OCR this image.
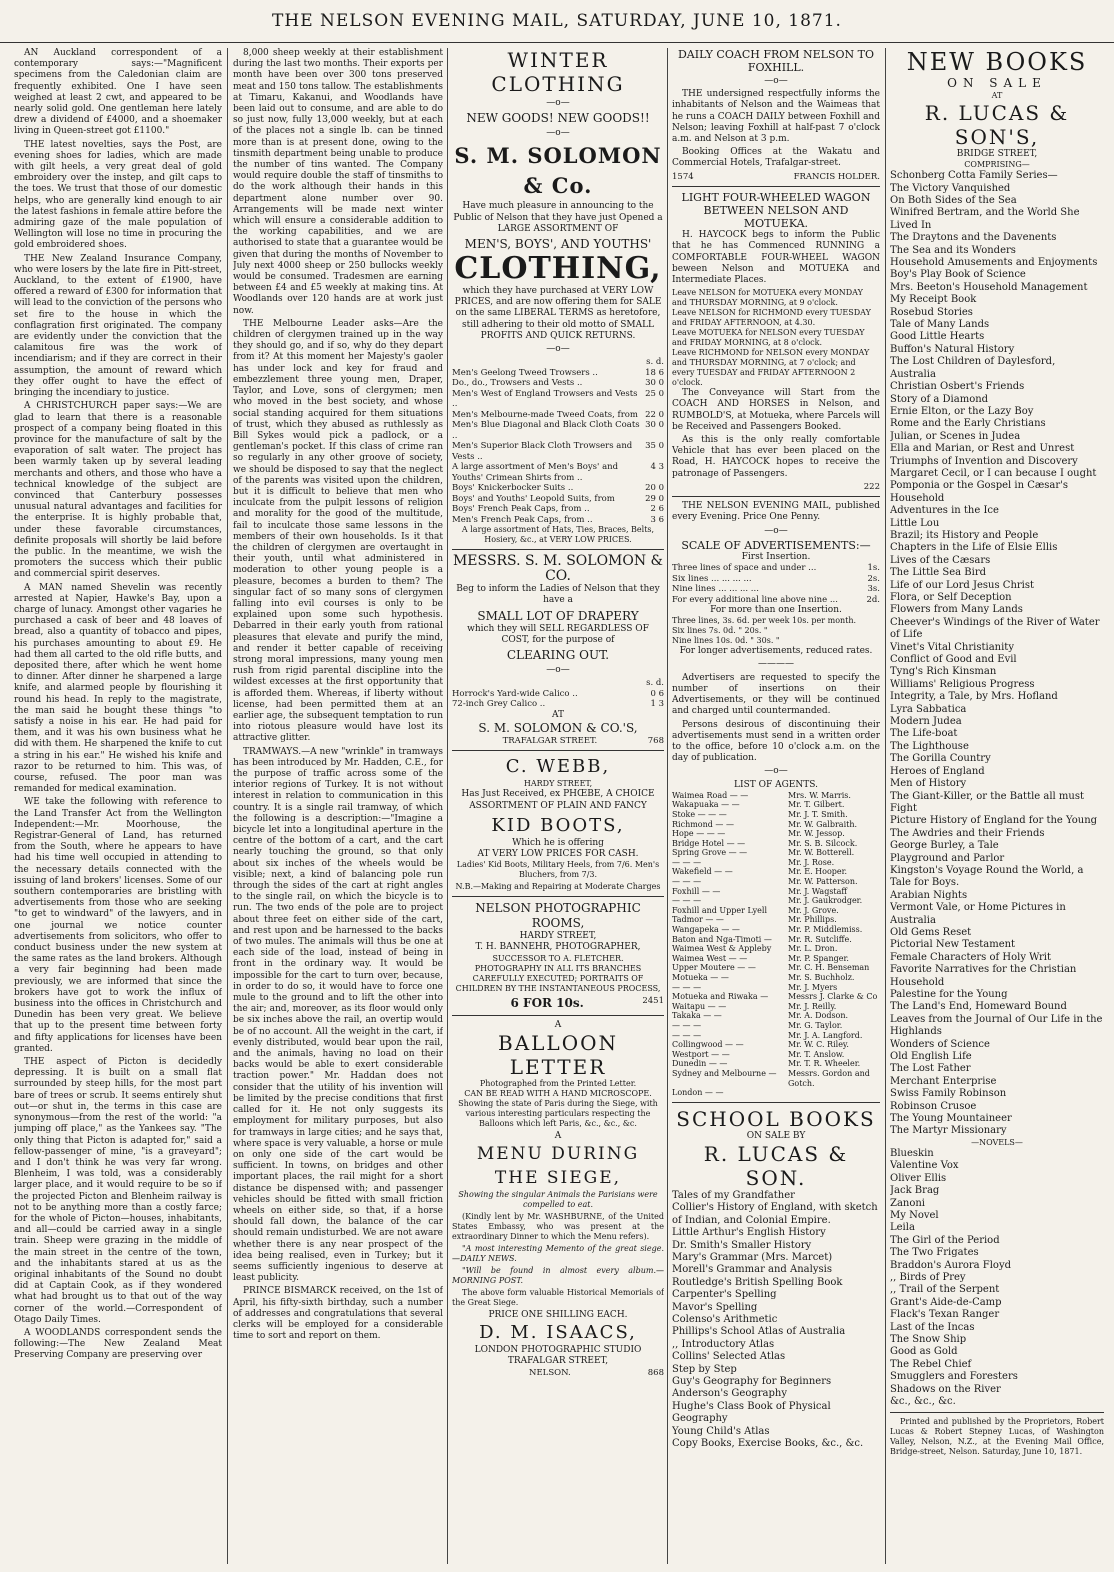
THE NELSON EVENING MAIL, SATURDAY, JUNE 10, 1871.

AN Auckland correspondent of a contemporary says:—"Magnificent specimens from the Caledonian claim are frequently exhibited. One I have seen weighed at least 2 cwt, and appeared to be nearly solid gold. One gentleman here lately drew a dividend of £4000, and a shoemaker living in Queen-street got £1100."

THE latest novelties, says the Post, are evening shoes for ladies, which are made with gilt heels, a very great deal of gold embroidery over the instep, and gilt caps to the toes. We trust that those of our domestic helps, who are generally kind enough to air the latest fashions in female attire before the admiring gaze of the male population of Wellington will lose no time in procuring the gold embroidered shoes.

THE New Zealand Insurance Company, who were losers by the late fire in Pitt-street, Auckland, to the extent of £1900, have offered a reward of £300 for information that will lead to the conviction of the persons who set fire to the house in which the conflagration first originated. The company are evidently under the conviction that the calamitous fire was the work of incendiarism; and if they are correct in their assumption, the amount of reward which they offer ought to have the effect of bringing the incendiary to justice.

A CHRISTCHURCH paper says:—We are glad to learn that there is a reasonable prospect of a company being floated in this province for the manufacture of salt by the evaporation of salt water. The project has been warmly taken up by several leading merchants and others, and those who have a technical knowledge of the subject are convinced that Canterbury possesses unusual natural advantages and facilities for the enterprise. It is highly probable that, under these favorable circumstances, definite proposals will shortly be laid before the public. In the meantime, we wish the promoters the success which their public and commercial spirit deserves.

A MAN named Shevelin was recently arrested at Napier, Hawke's Bay, upon a charge of lunacy. Amongst other vagaries he purchased a cask of beer and 48 loaves of bread, also a quantity of tobacco and pipes, his purchases amounting to about £9. He had them all carted to the old rifle butts, and deposited there, after which he went home to dinner. After dinner he sharpened a large knife, and alarmed people by flourishing it round his head. In reply to the magistrate, the man said he bought these things "to satisfy a noise in his ear. He had paid for them, and it was his own business what he did with them. He sharpened the knife to cut a string in his ear." He wished his knife and razor to be returned to him. This was, of course, refused. The poor man was remanded for medical examination.

WE take the following with reference to the Land Transfer Act from the Wellington Independent:—Mr. Moorhouse, the Registrar-General of Land, has returned from the South, where he appears to have had his time well occupied in attending to the necessary details connected with the issuing of land brokers' licenses. Some of our southern contemporaries are bristling with advertisements from those who are seeking "to get to windward" of the lawyers, and in one journal we notice counter advertisements from solicitors, who offer to conduct business under the new system at the same rates as the land brokers. Although a very fair beginning had been made previously, we are informed that since the brokers have got to work the influx of business into the offices in Christchurch and Dunedin has been very great. We believe that up to the present time between forty and fifty applications for licenses have been granted.

THE aspect of Picton is decidedly depressing. It is built on a small flat surrounded by steep hills, for the most part bare of trees or scrub. It seems entirely shut out—or shut in, the terms in this case are synonymous—from the rest of the world: "a jumping off place," as the Yankees say. "The only thing that Picton is adapted for," said a fellow-passenger of mine, "is a graveyard"; and I don't think he was very far wrong. Blenheim, I was told, was a considerably larger place, and it would require to be so if the projected Picton and Blenheim railway is not to be anything more than a costly farce; for the whole of Picton—houses, inhabitants, and all—could be carried away in a single train. Sheep were grazing in the middle of the main street in the centre of the town, and the inhabitants stared at us as the original inhabitants of the Sound no doubt did at Captain Cook, as if they wondered what had brought us to that out of the way corner of the world.—Correspondent of Otago Daily Times.

A WOODLANDS correspondent sends the following:—The New Zealand Meat Preserving Company are preserving over

8,000 sheep weekly at their establishment during the last two months. Their exports per month have been over 300 tons preserved meat and 150 tons tallow. The establishments at Timaru, Kakanui, and Woodlands have been laid out to consume, and are able to do so just now, fully 13,000 weekly, but at each of the places not a single lb. can be tinned more than is at present done, owing to the tinsmith department being unable to produce the number of tins wanted. The Company would require double the staff of tinsmiths to do the work although their hands in this department alone number over 90. Arrangements will be made next winter which will ensure a considerable addition to the working capabilities, and we are authorised to state that a guarantee would be given that during the months of November to July next 4000 sheep or 250 bullocks weekly would be consumed. Tradesmen are earning between £4 and £5 weekly at making tins. At Woodlands over 120 hands are at work just now.

THE Melbourne Leader asks—Are the children of clergymen trained up in the way they should go, and if so, why do they depart from it? At this moment her Majesty's gaoler has under lock and key for fraud and embezzlement three young men, Draper, Taylor, and Love, sons of clergymen; men who moved in the best society, and whose social standing acquired for them situations of trust, which they abused as ruthlessly as Bill Sykes would pick a padlock, or a gentleman's pocket. If this class of crime ran so regularly in any other groove of society, we should be disposed to say that the neglect of the parents was visited upon the children, but it is difficult to believe that men who inculcate from the pulpit lessons of religion and morality for the good of the multitude, fail to inculcate those same lessons in the members of their own households. Is it that the children of clergymen are overtaught in their youth, until what administered in moderation to other young people is a pleasure, becomes a burden to them? The singular fact of so many sons of clergymen falling into evil courses is only to be explained upon some such hypothesis. Debarred in their early youth from rational pleasures that elevate and purify the mind, and render it better capable of receiving strong moral impressions, many young men rush from rigid parental discipline into the wildest excesses at the first opportunity that is afforded them. Whereas, if liberty without license, had been permitted them at an earlier age, the subsequent temptation to run into riotous pleasure would have lost its attractive glitter.

TRAMWAYS.—A new "wrinkle" in tramways has been introduced by Mr. Hadden, C.E., for the purpose of traffic across some of the interior regions of Turkey. It is not without interest in relation to communication in this country. It is a single rail tramway, of which the following is a description:—"Imagine a bicycle let into a longitudinal aperture in the centre of the bottom of a cart, and the cart nearly touching the ground, so that only about six inches of the wheels would be visible; next, a kind of balancing pole run through the sides of the cart at right angles to the single rail, on which the bicycle is to run. The two ends of the pole are to project about three feet on either side of the cart, and rest upon and be harnessed to the backs of two mules. The animals will thus be one at each side of the load, instead of being in front in the ordinary way. It would be impossible for the cart to turn over, because, in order to do so, it would have to force one mule to the ground and to lift the other into the air; and, moreover, as its floor would only be six inches above the rail, an overtip would be of no account. All the weight in the cart, if evenly distributed, would bear upon the rail, and the animals, having no load on their backs would be able to exert considerable traction power." Mr. Haddan does not consider that the utility of his invention will be limited by the precise conditions that first called for it. He not only suggests its employment for military purposes, but also for tramways in large cities; and he says that, where space is very valuable, a horse or mule on only one side of the cart would be sufficient. In towns, on bridges and other important places, the rail might for a short distance be dispensed with; and passenger vehicles should be fitted with small friction wheels on either side, so that, if a horse should fall down, the balance of the car should remain undisturbed. We are not aware whether there is any near prospect of the idea being realised, even in Turkey; but it seems sufficiently ingenious to deserve at least publicity.

PRINCE BISMARCK received, on the 1st of April, his fifty-sixth birthday, such a number of addresses and congratulations that several clerks will be employed for a considerable time to sort and report on them.

WINTER CLOTHING
—o—
NEW GOODS! NEW GOODS!!
—o—
S. M. SOLOMON & Co.

Have much pleasure in announcing to the Public of Nelson that they have just Opened a LARGE ASSORTMENT OF

MEN'S, BOYS', AND YOUTHS'
CLOTHING,

which they have purchased at VERY LOW PRICES, and are now offering them for SALE on the same LIBERAL TERMS as heretofore, still adhering to their old motto of SMALL PROFITS AND QUICK RETURNS.

—o—
s. d.
Men's Geelong Tweed Trowsers ..	18 6
Do., do., Trowsers and Vests ..	30 0
Men's West of England Trowsers and Vests ..
25 0
Men's Melbourne-made Tweed Coats, from 22 0
Men's Blue Diagonal and Black Cloth Coats ..
30 0
Men's Superior Black Cloth Trowsers and Vests ..
35 0
A large assortment of Men's Boys' and Youths' Crimean Shirts from ..
4 3
Boys' Knickerbocker Suits ..	20 0
Boys' and Youths' Leopold Suits, from	29 0
Boys' French Peak Caps, from ..	2 6
Men's French Peak Caps, from ..	3 6

A large assortment of Hats, Ties, Braces, Belts, Hosiery, &c., at VERY LOW PRICES.

MESSRS. S. M. SOLOMON & CO.

Beg to inform the Ladies of Nelson that they have a

SMALL LOT OF DRAPERY

which they will SELL REGARDLESS OF COST, for the purpose of

CLEARING OUT.
—o—
s. d.
Horrock's Yard-wide Calico ..	0 6
72-inch Grey Calico ..	1 3
AT
S. M. SOLOMON & CO.'S,
TRAFALGAR STREET.	768
C. WEBB,
HARDY STREET,

Has Just Received, ex PHŒBE, A CHOICE ASSORTMENT OF PLAIN AND FANCY

KID BOOTS,
Which he is offering
AT VERY LOW PRICES FOR CASH.

Ladies' Kid Boots, Military Heels, from 7/6. Men's Bluchers, from 7/3.

N.B.—Making and Repairing at Moderate Charges
NELSON PHOTOGRAPHIC ROOMS,
HARDY STREET,
T. H. BANNEHR, PHOTOGRAPHER,
SUCCESSOR TO A. FLETCHER.

PHOTOGRAPHY IN ALL ITS BRANCHES CAREFULLY EXECUTED; PORTRAITS OF CHILDREN BY THE INSTANTANEOUS PROCESS,

6 FOR 10s.	2451
A
BALLOON LETTER
Photographed from the Printed Letter.
CAN BE READ WITH A HAND MICROSCOPE.

Showing the state of Paris during the Siege, with various interesting particulars respecting the Balloons which left Paris, &c., &c., &c.

A
MENU DURING THE SIEGE,

Showing the singular Animals the Parisians were compelled to eat.

(Kindly lent by Mr. WASHBURNE, of the United States Embassy, who was present at the extraordinary Dinner to which the Menu refers).

"A most interesting Memento of the great siege.—DAILY NEWS.

"Will be found in almost every album.—MORNING POST.

The above form valuable Historical Memorials of the Great Siege.

PRICE ONE SHILLING EACH.
D. M. ISAACS,
LONDON PHOTOGRAPHIC STUDIO
TRAFALGAR STREET,
NELSON.	868
DAILY COACH FROM NELSON TO FOXHILL.
—o—

THE undersigned respectfully informs the inhabitants of Nelson and the Waimeas that he runs a COACH DAILY between Foxhill and Nelson; leaving Foxhill at half-past 7 o'clock a.m. and Nelson at 3 p.m.

Booking Offices at the Wakatu and Commercial Hotels, Trafalgar-street.

1574	FRANCIS HOLDER.
LIGHT FOUR-WHEELED WAGON BETWEEN NELSON AND MOTUEKA.

H. HAYCOCK begs to inform the Public that he has Commenced RUNNING a COMFORTABLE FOUR-WHEEL WAGON beween Nelson and MOTUEKA and Intermediate Places.

Leave NELSON for MOTUEKA every MONDAY and THURSDAY MORNING, at 9 o'clock.
Leave NELSON for RICHMOND every TUESDAY and FRIDAY AFTERNOON, at 4.30.
Leave MOTUEKA for NELSON every TUESDAY and FRIDAY MORNING, at 8 o'clock.
Leave RICHMOND for NELSON every MONDAY and THURSDAY MORNING, at 7 o'clock; and every TUESDAY and FRIDAY AFTERNOON 2 o'clock.

The Conveyance will Start from the COACH AND HORSES in Nelson, and RUMBOLD'S, at Motueka, where Parcels will be Received and Passengers Booked.

As this is the only really comfortable Vehicle that has ever been placed on the Road, H. HAYCOCK hopes to receive the patronage of Passengers.

222

THE NELSON EVENING MAIL, published every Evening. Price One Penny.

—o—
SCALE OF ADVERTISEMENTS:—
First Insertion.
Three lines of space and under ...	1s.
Six lines ... ... ... ...	2s.
Nine lines ... ... ... ...	3s.
For every additional line above nine ...	2d.
For more than one Insertion.
Three lines, 3s. 6d. per week 10s. per month.
Six lines 7s. 0d. " 20s. "
Nine lines 10s. 0d. " 30s. "
For longer advertisements, reduced rates.
————

Advertisers are requested to specify the number of insertions on their Advertisements, or they will be continued and charged until countermanded.

Persons desirous of discontinuing their advertisements must send in a written order to the office, before 10 o'clock a.m. on the day of publication.

—o—
LIST OF AGENTS.
Waimea Road — —	Mrs. W. Marris.
Wakapuaka — —	Mr. T. Gilbert.
Stoke — — —	Mr. J. T. Smith.
Richmond — —	Mr. W. Galbraith.
Hope — — —	Mr. W. Jessop.
Bridge Hotel — —	Mr. S. B. Silcock.
Spring Grove — —	Mr. W. Botterell.
— — —	Mr. J. Rose.
Wakefield — —	Mr. E. Hooper.
— — —	Mr. W. Patterson.
Foxhill — —	Mr. J. Wagstaff
— — —	Mr. J. Gaukrodger.
Foxhill and Upper Lyell	Mr. J. Grove.
Tadmor — —	Mr. Phillips.
Wangapeka — —	Mr. P. Middlemiss.
Baton and Nga-Timoti —	Mr. R. Sutcliffe.
Waimea West & Appleby	Mr. L. Dron.
Waimea West — —	Mr. P. Spanger.
Upper Moutere — —	Mr. C. H. Benseman
Motueka — —	Mr. S. Buchholz.
— — —	Mr. J. Myers
Motueka and Riwaka —	Messrs J. Clarke & Co
Waitapu — —	Mr. J. Reilly.
Takaka — —	Mr. A. Dodson.
— — —	Mr. G. Taylor.
— — —	Mr. J. A. Langford.
Collingwood — —	Mr. W. C. Riley.
Westport — —	Mr. T. Anslow.
Dunedin — —	Mr. T. R. Wheeler.
Sydney and Melbourne —	Messrs. Gordon and Gotch.
London — —
SCHOOL BOOKS
ON SALE BY
R. LUCAS & SON.
Tales of my Grandfather
Collier's History of England, with sketch of Indian, and Colonial Empire.
Little Arthur's English History
Dr. Smith's Smaller History
Mary's Grammar (Mrs. Marcet)
Morell's Grammar and Analysis
Routledge's British Spelling Book
Carpenter's Spelling
Mavor's Spelling
Colenso's Arithmetic
Phillips's School Atlas of Australia
,, Introductory Atlas
Collins' Selected Atlas
Step by Step
Guy's Geography for Beginners
Anderson's Geography
Hughe's Class Book of Physical Geography
Young Child's Atlas
Copy Books, Exercise Books, &c., &c.
NEW BOOKS
ON SALE
AT
R. LUCAS & SON'S,
BRIDGE STREET,
COMPRISING—
Schonberg Cotta Family Series—
The Victory Vanquished
On Both Sides of the Sea
Winifred Bertram, and the World She Lived In
The Draytons and the Davenents
The Sea and its Wonders
Household Amusements and Enjoyments
Boy's Play Book of Science
Mrs. Beeton's Household Management
My Receipt Book
Rosebud Stories
Tale of Many Lands
Good Little Hearts
Buffon's Natural History
The Lost Children of Daylesford, Australia
Christian Osbert's Friends
Story of a Diamond
Ernie Elton, or the Lazy Boy
Rome and the Early Christians
Julian, or Scenes in Judea
Ella and Marian, or Rest and Unrest
Triumphs of Invention and Discovery
Margaret Cecil, or I can because I ought
Pomponia or the Gospel in Cæsar's Household
Adventures in the Ice
Little Lou
Brazil; its History and People
Chapters in the Life of Elsie Ellis
Lives of the Cæsars
The Little Sea Bird
Life of our Lord Jesus Christ
Flora, or Self Deception
Flowers from Many Lands
Cheever's Windings of the River of Water of Life
Vinet's Vital Christianity
Conflict of Good and Evil
Tyng's Rich Kinsman
Williams' Religious Progress
Integrity, a Tale, by Mrs. Hofland
Lyra Sabbatica
Modern Judea
The Life-boat
The Lighthouse
The Gorilla Country
Heroes of England
Men of History
The Giant-Killer, or the Battle all must Fight
Picture History of England for the Young
The Awdries and their Friends
George Burley, a Tale
Playground and Parlor
Kingston's Voyage Round the World, a Tale for Boys.
Arabian Nights
Vermont Vale, or Home Pictures in Australia
Old Gems Reset
Pictorial New Testament
Female Characters of Holy Writ
Favorite Narratives for the Christian Household
Palestine for the Young
The Land's End, Homeward Bound
Leaves from the Journal of Our Life in the Highlands
Wonders of Science
Old English Life
The Lost Father
Merchant Enterprise
Swiss Family Robinson
Robinson Crusoe
The Young Mountaineer
The Martyr Missionary
—NOVELS—
Blueskin
Valentine Vox
Oliver Ellis
Jack Brag
Zanoni
My Novel
Leila
The Girl of the Period
The Two Frigates
Braddon's Aurora Floyd
,, Birds of Prey
,, Trail of the Serpent
Grant's Aide-de-Camp
Flack's Texan Ranger
Last of the Incas
The Snow Ship
Good as Gold
The Rebel Chief
Smugglers and Foresters
Shadows on the River
&c., &c., &c.

Printed and published by the Proprietors, Robert Lucas & Robert Stepney Lucas, of Washington Valley, Nelson, N.Z., at the Evening Mail Office, Bridge-street, Nelson. Saturday, June 10, 1871.
